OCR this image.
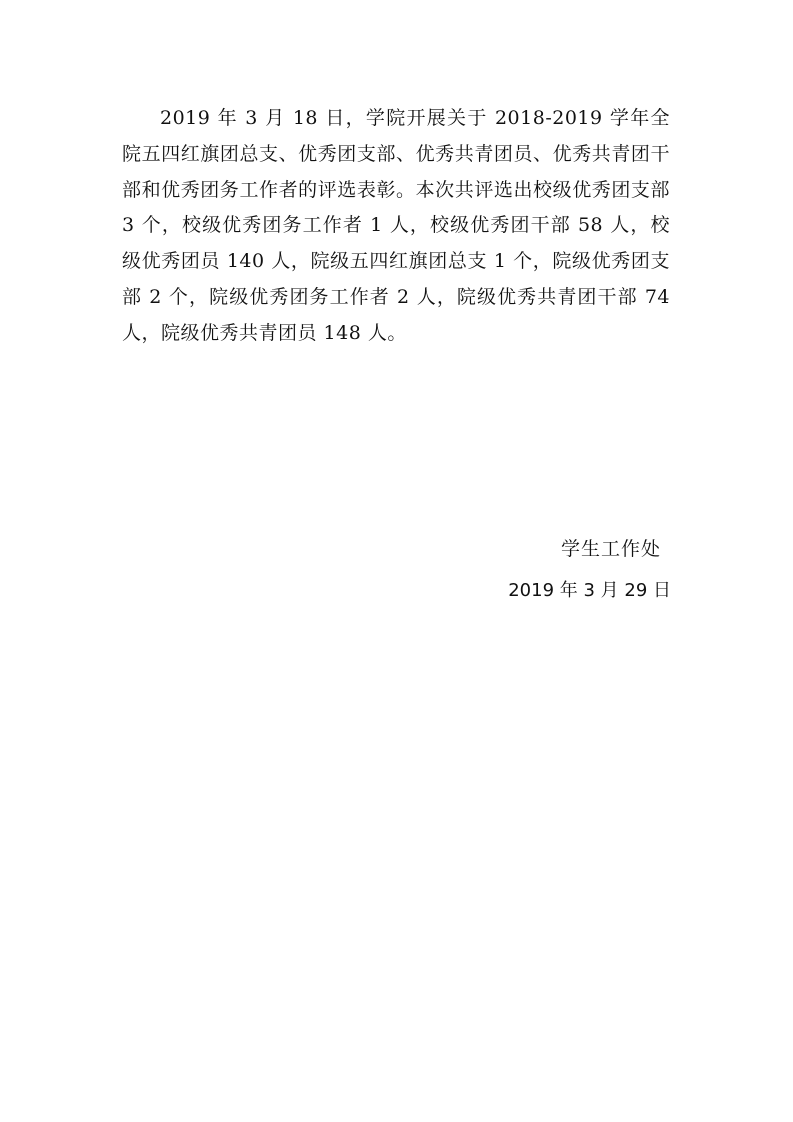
2019 年 3 月 18 日，学院开展关于 2018-2019 学年全院五四红旗团总支、优秀团支部、优秀共青团员、优秀共青团干部和优秀团务工作者的评选表彰。本次共评选出校级优秀团支部 3 个，校级优秀团务工作者 1 人，校级优秀团干部 58 人，校级优秀团员 140 人，院级五四红旗团总支 1 个，院级优秀团支部 2 个，院级优秀团务工作者 2 人，院级优秀共青团干部 74 人，院级优秀共青团员 148 人。

学生工作处
2019 年 3 月 29 日
